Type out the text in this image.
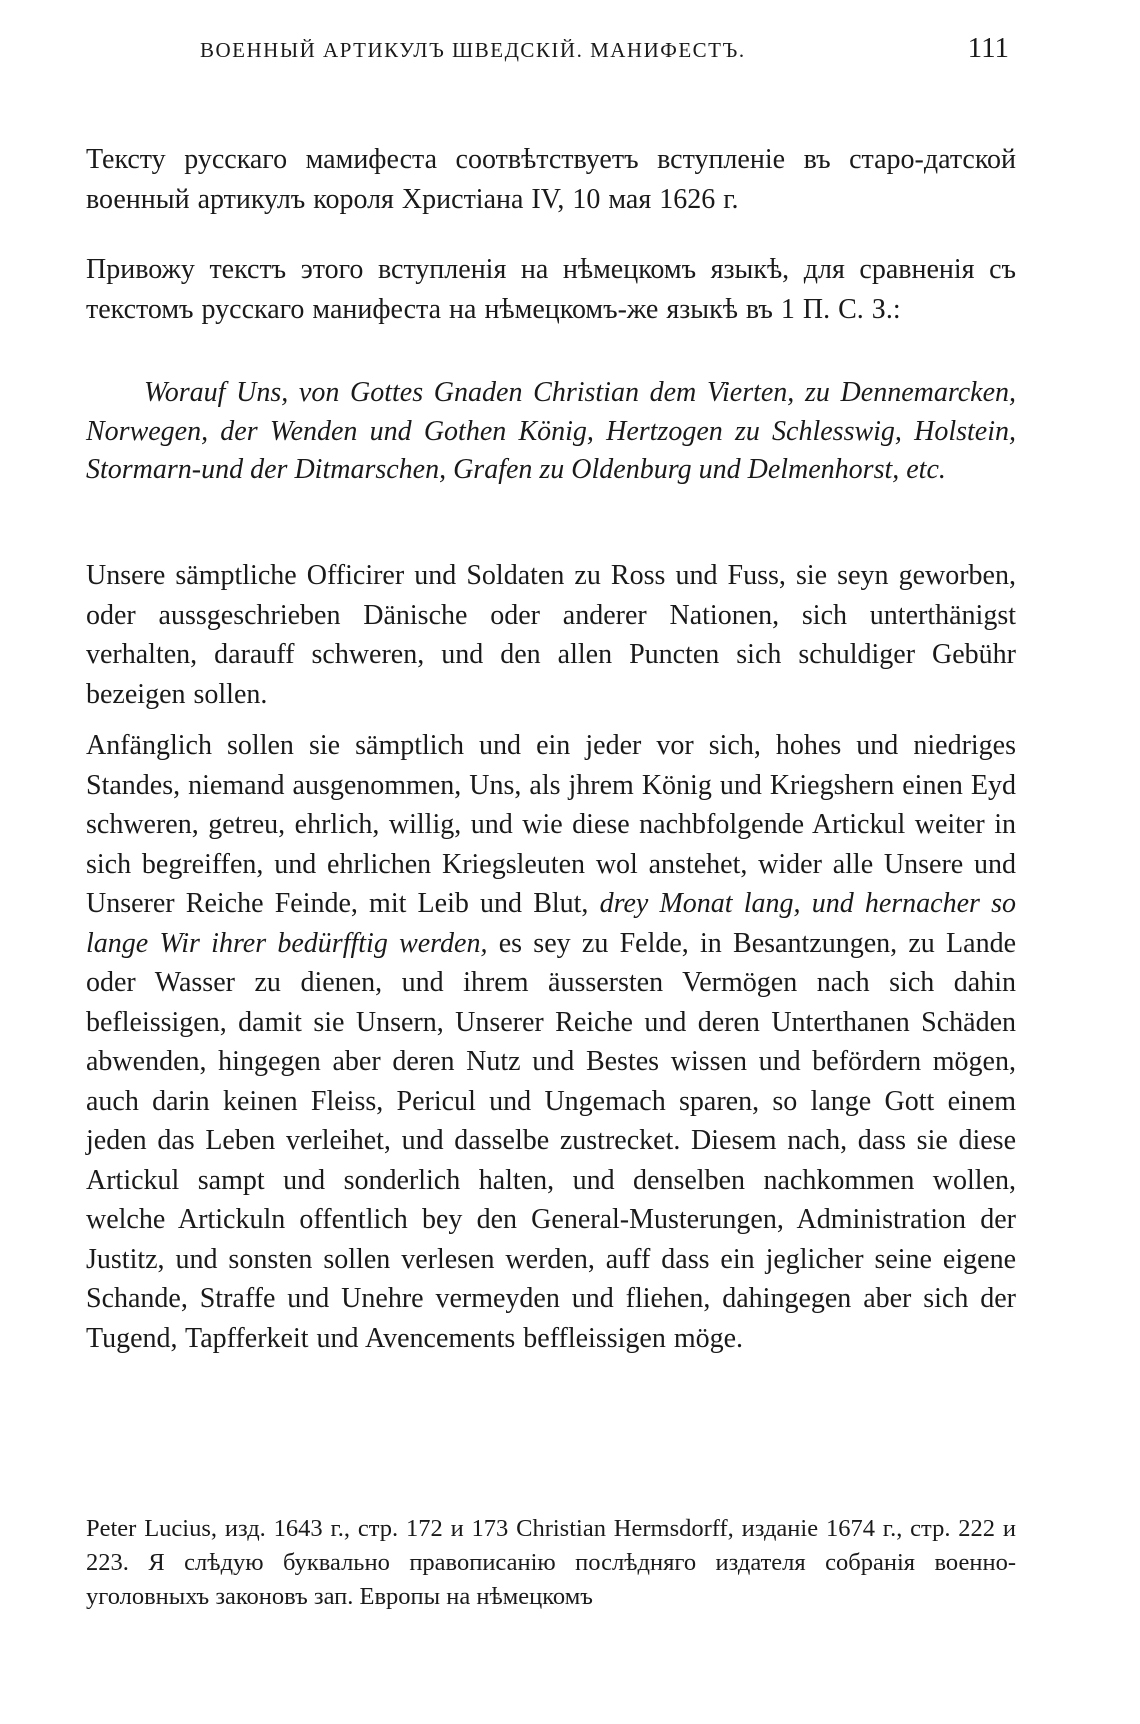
ВОЕННЫЙ АРТИКУЛЪ ШВЕДСКІЙ. МАНИФЕСТЪ.	111

Тексту русскаго мамифеста соотвѣтствуетъ вступленіе въ старо-датской военный артикулъ короля Христіана IV, 10 мая 1626 г.

Привожу текстъ этого вступленія на нѣмецкомъ языкѣ, для сравненія съ текстомъ русскаго манифеста на нѣмецкомъ-же языкѣ въ 1 П. С. З.:

Worauf Uns, von Gottes Gnaden Christian dem Vierten, zu Dennemarcken, Norwegen, der Wenden und Gothen König, Hertzogen zu Schlesswig, Holstein, Stormarn-und der Ditmarschen, Grafen zu Oldenburg und Delmenhorst, etc.

Unsere sämptliche Officirer und Soldaten zu Ross und Fuss, sie seyn geworben, oder aussgeschrieben Dänische oder anderer Nationen, sich unterthänigst verhalten, darauff schweren, und den allen Puncten sich schuldiger Gebühr bezeigen sollen.

Anfänglich sollen sie sämptlich und ein jeder vor sich, hohes und niedriges Standes, niemand ausgenommen, Uns, als jhrem König und Kriegshern einen Eyd schweren, getreu, ehrlich, willig, und wie diese nachbfolgende Artickul weiter in sich begreiffen, und ehrlichen Kriegsleuten wol anstehet, wider alle Unsere und Unserer Reiche Feinde, mit Leib und Blut, drey Monat lang, und hernacher so lange Wir ihrer bedürfftig werden, es sey zu Felde, in Besantzungen, zu Lande oder Wasser zu dienen, und ihrem äussersten Vermögen nach sich dahin befleissigen, damit sie Unsern, Unserer Reiche und deren Unterthanen Schäden abwenden, hingegen aber deren Nutz und Bestes wissen und befördern mögen, auch darin keinen Fleiss, Pericul und Ungemach sparen, so lange Gott einem jeden das Leben verleihet, und dasselbe zustrecket. Diesem nach, dass sie diese Artickul sampt und sonderlich halten, und denselben nachkommen wollen, welche Artickuln offentlich bey den General-Musterungen, Administration der Justitz, und sonsten sollen verlesen werden, auff dass ein jeglicher seine eigene Schande, Straffe und Unehre vermeyden und fliehen, dahingegen aber sich der Tugend, Tapfferkeit und Avencements beffleissigen möge.

Peter Lucius, изд. 1643 г., стр. 172 и 173 Christian Hermsdorff, изданіе 1674 г., стр. 222 и 223. Я слѣдую буквально правописанію послѣдняго издателя собранія военно-уголовныхъ законовъ зап. Европы на нѣмецкомъ
